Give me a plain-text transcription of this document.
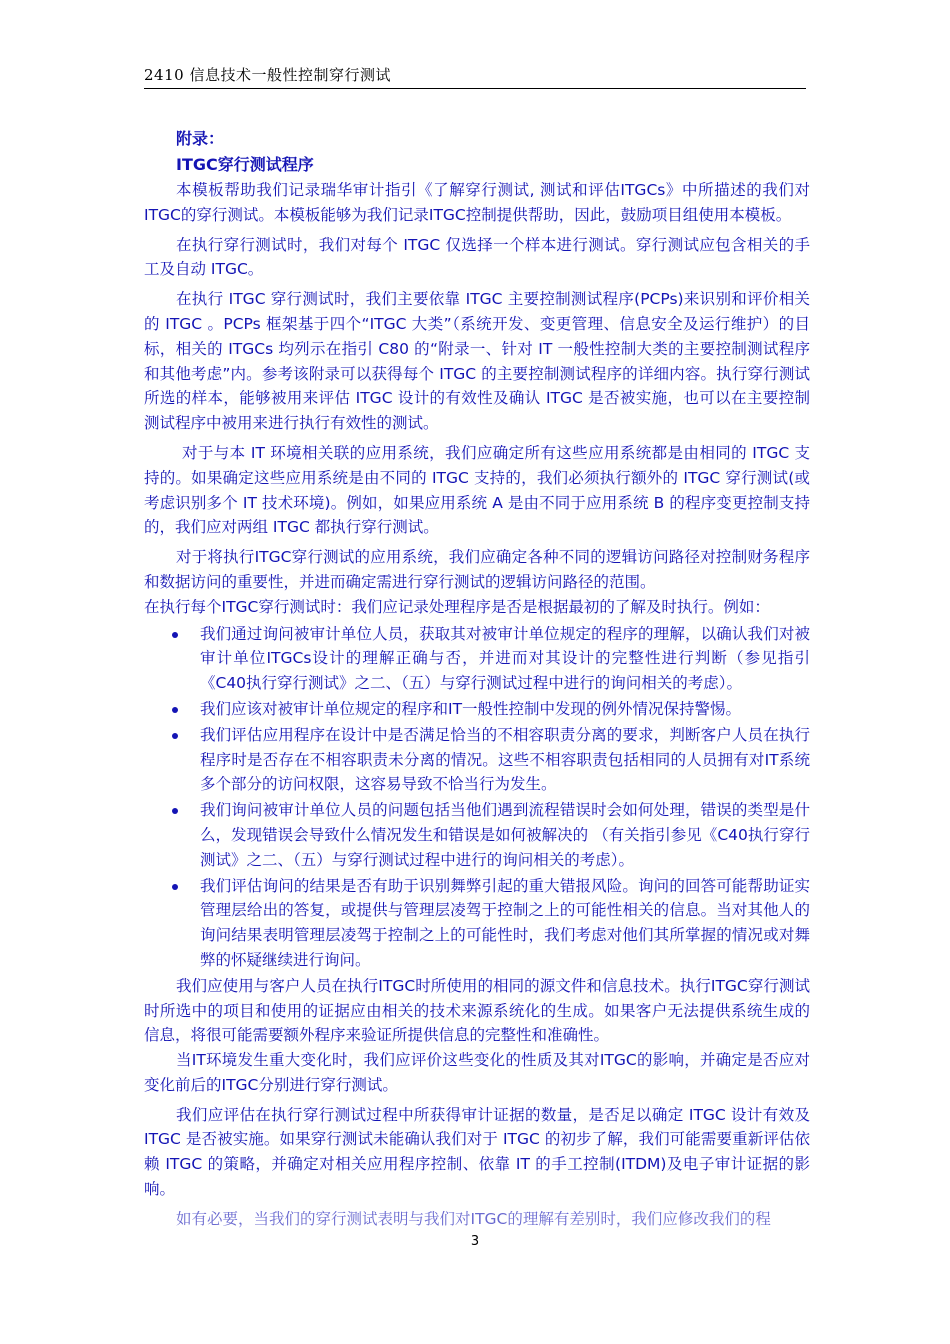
2410 信息技术一般性控制穿行测试
附录：
ITGC穿行测试程序

本模板帮助我们记录瑞华审计指引《了解穿行测试, 测试和评估ITGCs》中所描述的我们对ITGC的穿行测试。本模板能够为我们记录ITGC控制提供帮助，因此，鼓励项目组使用本模板。

在执行穿行测试时，我们对每个 ITGC 仅选择一个样本进行测试。穿行测试应包含相关的手工及自动 ITGC。

在执行 ITGC 穿行测试时，我们主要依靠 ITGC 主要控制测试程序(PCPs)来识别和评价相关的 ITGC 。PCPs 框架基于四个“ITGC 大类”（系统开发、变更管理、信息安全及运行维护）的目标，相关的 ITGCs 均列示在指引 C80 的“附录一、针对 IT 一般性控制大类的主要控制测试程序和其他考虑”内。参考该附录可以获得每个 ITGC 的主要控制测试程序的详细内容。执行穿行测试所选的样本，能够被用来评估 ITGC 设计的有效性及确认 ITGC 是否被实施，也可以在主要控制测试程序中被用来进行执行有效性的测试。

对于与本 IT 环境相关联的应用系统，我们应确定所有这些应用系统都是由相同的 ITGC 支持的。如果确定这些应用系统是由不同的 ITGC 支持的，我们必须执行额外的 ITGC 穿行测试(或考虑识别多个 IT 技术环境)。例如，如果应用系统 A 是由不同于应用系统 B 的程序变更控制支持的，我们应对两组 ITGC 都执行穿行测试。

对于将执行ITGC穿行测试的应用系统，我们应确定各种不同的逻辑访问路径对控制财务程序和数据访问的重要性，并进而确定需进行穿行测试的逻辑访问路径的范围。

在执行每个ITGC穿行测试时：我们应记录处理程序是否是根据最初的了解及时执行。例如：

我们通过询问被审计单位人员，获取其对被审计单位规定的程序的理解，以确认我们对被审计单位ITGCs设计的理解正确与否，并进而对其设计的完整性进行判断（参见指引《C40执行穿行测试》之二、（五）与穿行测试过程中进行的询问相关的考虑）。
我们应该对被审计单位规定的程序和IT一般性控制中发现的例外情况保持警惕。
我们评估应用程序在设计中是否满足恰当的不相容职责分离的要求，判断客户人员在执行程序时是否存在不相容职责未分离的情况。这些不相容职责包括相同的人员拥有对IT系统多个部分的访问权限，这容易导致不恰当行为发生。
我们询问被审计单位人员的问题包括当他们遇到流程错误时会如何处理，错误的类型是什么，发现错误会导致什么情况发生和错误是如何被解决的 （有关指引参见《C40执行穿行测试》之二、（五）与穿行测试过程中进行的询问相关的考虑）。
我们评估询问的结果是否有助于识别舞弊引起的重大错报风险。询问的回答可能帮助证实管理层给出的答复，或提供与管理层凌驾于控制之上的可能性相关的信息。当对其他人的询问结果表明管理层凌驾于控制之上的可能性时，我们考虑对他们其所掌握的情况或对舞弊的怀疑继续进行询问。

我们应使用与客户人员在执行ITGC时所使用的相同的源文件和信息技术。执行ITGC穿行测试时所选中的项目和使用的证据应由相关的技术来源系统化的生成。如果客户无法提供系统生成的信息，将很可能需要额外程序来验证所提供信息的完整性和准确性。

当IT环境发生重大变化时，我们应评价这些变化的性质及其对ITGC的影响，并确定是否应对变化前后的ITGC分别进行穿行测试。

我们应评估在执行穿行测试过程中所获得审计证据的数量，是否足以确定 ITGC 设计有效及 ITGC 是否被实施。如果穿行测试未能确认我们对于 ITGC 的初步了解，我们可能需要重新评估依赖 ITGC 的策略，并确定对相关应用程序控制、依靠 IT 的手工控制(ITDM)及电子审计证据的影响。

如有必要，当我们的穿行测试表明与我们对ITGC的理解有差别时，我们应修改我们的程

3
